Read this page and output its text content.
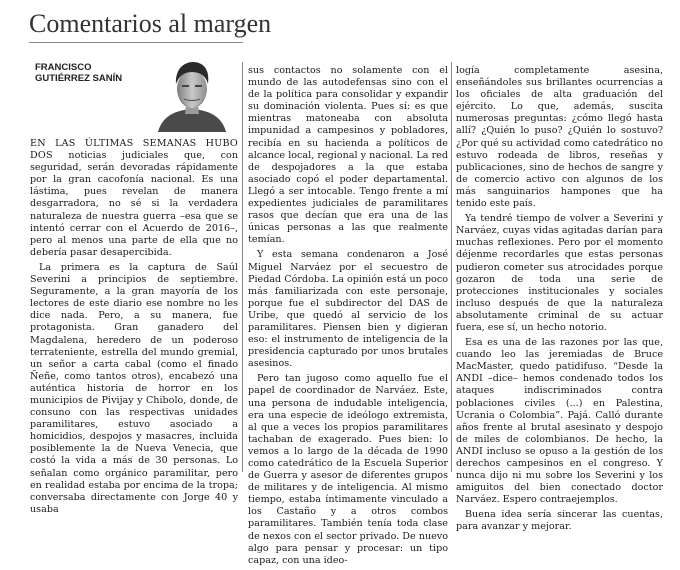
Comentarios al margen
FRANCISCO
GUTIÉRREZ SANÍN

EN LAS ÚLTIMAS SEMANAS HUBO DOS noticias judiciales que, con seguridad, serán devoradas rápidamente por la gran cacofonía nacional. Es una lástima, pues revelan de manera desgarradora, no sé si la verdadera naturaleza de nuestra guerra –esa que se intentó cerrar con el Acuerdo de 2016–, pero al menos una parte de ella que no debería pasar desapercibida.

La primera es la captura de Saúl Severini a principios de septiembre. Seguramente, a la gran mayoría de los lectores de este diario ese nombre no les dice nada. Pero, a su manera, fue protagonista. Gran ganadero del Magdalena, heredero de un poderoso terrateniente, estrella del mundo gremial, un señor a carta cabal (como el finado Ñeñe, como tantos otros), encabezó una auténtica historia de horror en los municipios de Pivijay y Chibolo, donde, de consuno con las respectivas unidades paramilitares, estuvo asociado a homicidios, despojos y masacres, incluida posiblemente la de Nueva Venecia, que costó la vida a más de 30 personas. Lo señalan como orgánico paramilitar, pero en realidad estaba por encima de la tropa; conversaba directamente con Jorge 40 y usaba

sus contactos no solamente con el mundo de las autodefensas sino con el de la política para consolidar y expandir su dominación violenta. Pues sí: es que mientras matoneaba con absoluta impunidad a campesinos y pobladores, recibía en su hacienda a políticos de alcance local, regional y nacional. La red de despojadores a la que estaba asociado copó el poder departamental. Llegó a ser intocable. Tengo frente a mí expedientes judiciales de paramilitares rasos que decían que era una de las únicas personas a las que realmente temían.

Y esta semana condenaron a José Miguel Narváez por el secuestro de Piedad Córdoba. La opinión está un poco más familiarizada con este personaje, porque fue el subdirector del DAS de Uribe, que quedó al servicio de los paramilitares. Piensen bien y digieran eso: el instrumento de inteligencia de la presidencia capturado por unos brutales asesinos.

Pero tan jugoso como aquello fue el papel de coordinador de Narváez. Este, una persona de indudable inteligencia, era una especie de ideólogo extremista, al que a veces los propios paramilitares tachaban de exagerado. Pues bien: lo vemos a lo largo de la década de 1990 como catedrático de la Escuela Superior de Guerra y asesor de diferentes grupos de militares y de inteligencia. Al mismo tiempo, estaba íntimamente vinculado a los Castaño y a otros combos paramilitares. También tenía toda clase de nexos con el sector privado. De nuevo algo para pensar y procesar: un tipo capaz, con una ideo-

logía completamente asesina, enseñándoles sus brillantes ocurrencias a los oficiales de alta graduación del ejército. Lo que, además, suscita numerosas preguntas: ¿cómo llegó hasta allí? ¿Quién lo puso? ¿Quién lo sostuvo? ¿Por qué su actividad como catedrático no estuvo rodeada de libros, reseñas y publicaciones, sino de hechos de sangre y de comercio activo con algunos de los más sanguinarios hampones que ha tenido este país.

Ya tendré tiempo de volver a Severini y Narváez, cuyas vidas agitadas darían para muchas reflexiones. Pero por el momento déjenme recordarles que estas personas pudieron cometer sus atrocidades porque gozaron de toda una serie de protecciones institucionales y sociales incluso después de que la naturaleza absolutamente criminal de su actuar fuera, ese sí, un hecho notorio.

Esa es una de las razones por las que, cuando leo las jeremiadas de Bruce MacMaster, quedo patidifuso. “Desde la ANDI –dice– hemos condenado todos los ataques indiscriminados contra poblaciones civiles (...) en Palestina, Ucrania o Colombia”. Pajá. Calló durante años frente al brutal asesinato y despojo de miles de colombianos. De hecho, la ANDI incluso se opuso a la gestión de los derechos campesinos en el congreso. Y nunca dijo ni mu sobre los Severini y los amiguitos del bien conectado doctor Narváez. Espero contraejemplos.

Buena idea sería sincerar las cuentas, para avanzar y mejorar.
